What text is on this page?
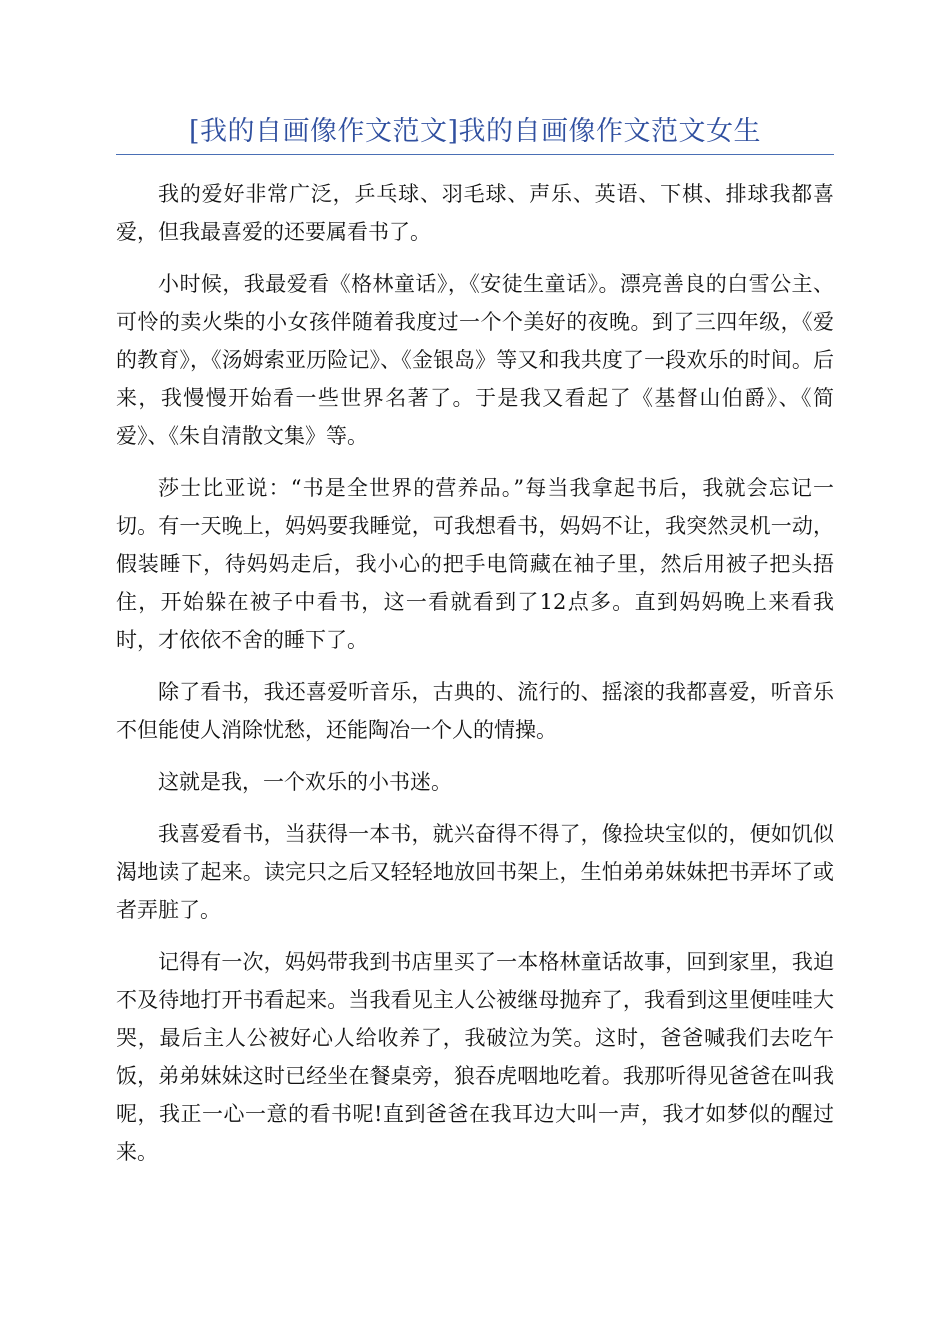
[我的自画像作文范文]我的自画像作文范文女生

我的爱好非常广泛，乒乓球、羽毛球、声乐、英语、下棋、排球我都喜爱，但我最喜爱的还要属看书了。

小时候，我最爱看《格林童话》，《安徒生童话》。漂亮善良的白雪公主、可怜的卖火柴的小女孩伴随着我度过一个个美好的夜晚。到了三四年级，《爱的教育》，《汤姆索亚历险记》、《金银岛》等又和我共度了一段欢乐的时间。后来，我慢慢开始看一些世界名著了。于是我又看起了《基督山伯爵》、《简爱》、《朱自清散文集》等。

莎士比亚说：“书是全世界的营养品。”每当我拿起书后，我就会忘记一切。有一天晚上，妈妈要我睡觉，可我想看书，妈妈不让，我突然灵机一动，假装睡下，待妈妈走后，我小心的把手电筒藏在袖子里，然后用被子把头捂住，开始躲在被子中看书，这一看就看到了12点多。直到妈妈晚上来看我时，才依依不舍的睡下了。

除了看书，我还喜爱听音乐，古典的、流行的、摇滚的我都喜爱，听音乐不但能使人消除忧愁，还能陶冶一个人的情操。

这就是我，一个欢乐的小书迷。

我喜爱看书，当获得一本书，就兴奋得不得了，像捡块宝似的，便如饥似渴地读了起来。读完只之后又轻轻地放回书架上，生怕弟弟妹妹把书弄坏了或者弄脏了。

记得有一次，妈妈带我到书店里买了一本格林童话故事，回到家里，我迫不及待地打开书看起来。当我看见主人公被继母抛弃了，我看到这里便哇哇大哭，最后主人公被好心人给收养了，我破泣为笑。这时，爸爸喊我们去吃午饭，弟弟妹妹这时已经坐在餐桌旁，狼吞虎咽地吃着。我那听得见爸爸在叫我呢，我正一心一意的看书呢!直到爸爸在我耳边大叫一声，我才如梦似的醒过来。
